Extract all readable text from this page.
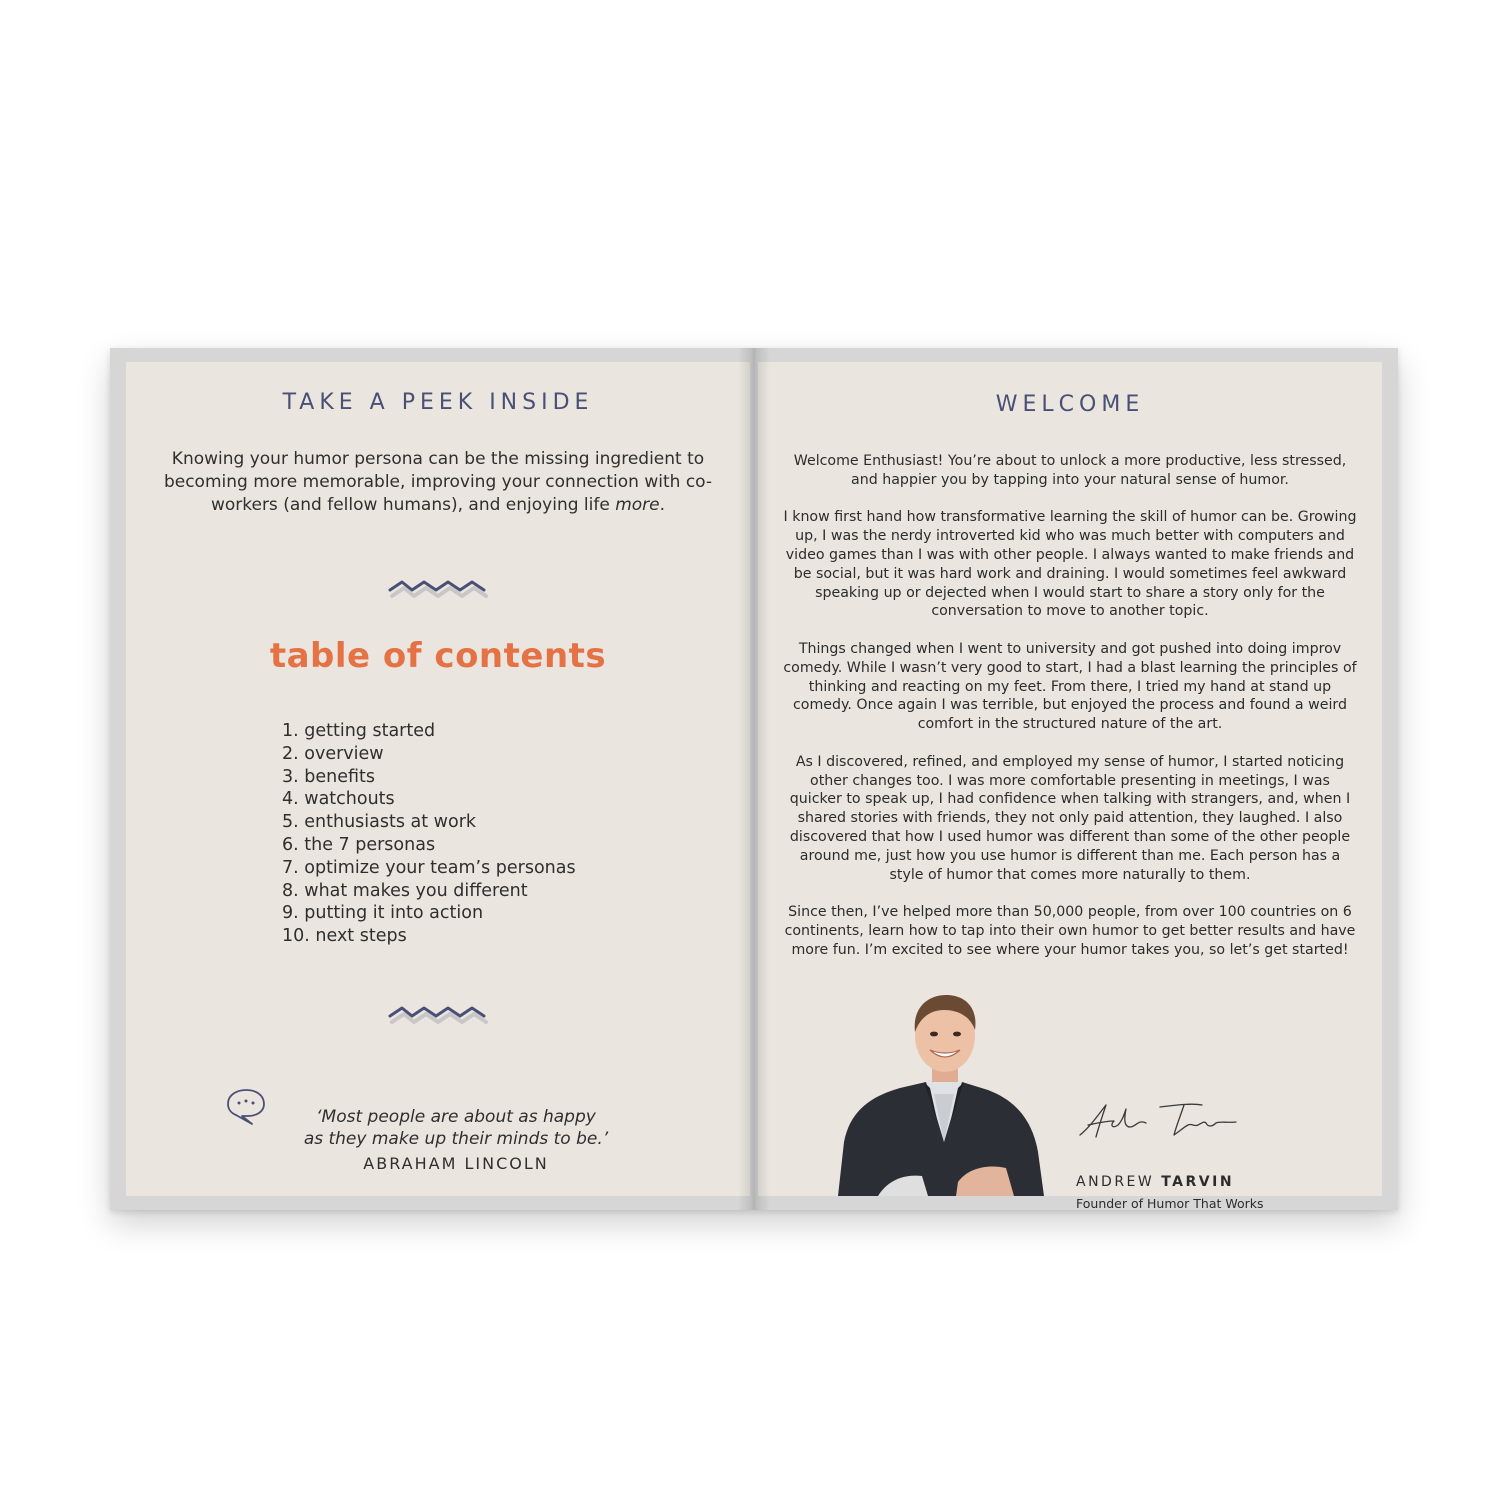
TAKE A PEEK INSIDE
Knowing your humor persona can be the missing ingredient to becoming more memorable, improving your connection with co-workers (and fellow humans), and enjoying life more.
table of contents
1. getting started
2. overview
3. benefits
4. watchouts
5. enthusiasts at work
6. the 7 personas
7. optimize your team’s personas
8. what makes you different
9. putting it into action
10. next steps
‘Most people are about as happy
as they make up their minds to be.’
ABRAHAM LINCOLN
WELCOME

Welcome Enthusiast! You’re about to unlock a more productive, less stressed, and happier you by tapping into your natural sense of humor.

I know first hand how transformative learning the skill of humor can be. Growing up, I was the nerdy introverted kid who was much better with computers and video games than I was with other people. I always wanted to make friends and be social, but it was hard work and draining. I would sometimes feel awkward speaking up or dejected when I would start to share a story only for the conversation to move to another topic.

Things changed when I went to university and got pushed into doing improv comedy. While I wasn’t very good to start, I had a blast learning the principles of thinking and reacting on my feet. From there, I tried my hand at stand up comedy. Once again I was terrible, but enjoyed the process and found a weird comfort in the structured nature of the art.

As I discovered, refined, and employed my sense of humor, I started noticing other changes too. I was more comfortable presenting in meetings, I was quicker to speak up, I had confidence when talking with strangers, and, when I shared stories with friends, they not only paid attention, they laughed. I also discovered that how I used humor was different than some of the other people around me, just how you use humor is different than me. Each person has a style of humor that comes more naturally to them.

Since then, I’ve helped more than 50,000 people, from over 100 countries on 6 continents, learn how to tap into their own humor to get better results and have more fun. I’m excited to see where your humor takes you, so let’s get started!

ANDREW TARVIN
Founder of Humor That Works
